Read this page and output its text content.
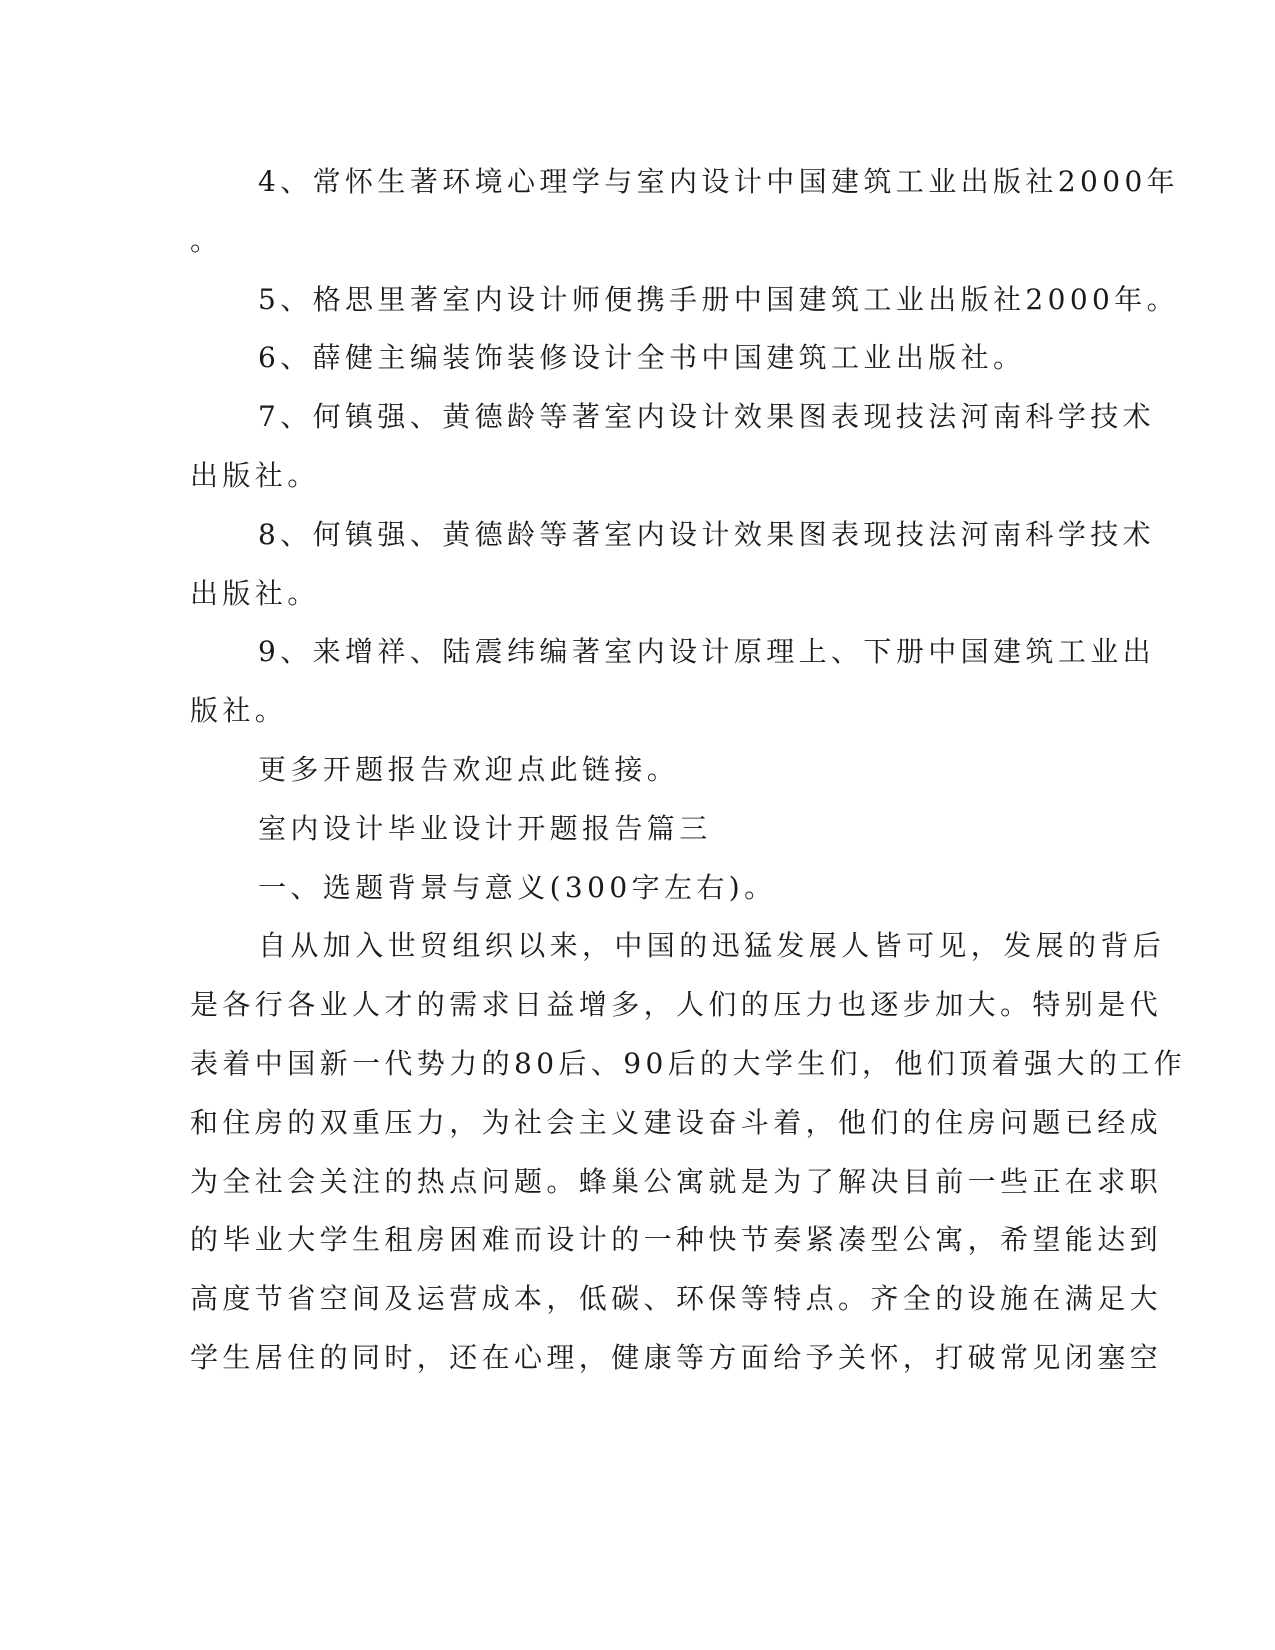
4、常怀生著环境心理学与室内设计中国建筑工业出版社2000年
。
5、格思里著室内设计师便携手册中国建筑工业出版社2000年。
6、薛健主编装饰装修设计全书中国建筑工业出版社。
7、何镇强、黄德龄等著室内设计效果图表现技法河南科学技术
出版社。
8、何镇强、黄德龄等著室内设计效果图表现技法河南科学技术
出版社。
9、来增祥、陆震纬编著室内设计原理上、下册中国建筑工业出
版社。
更多开题报告欢迎点此链接。
室内设计毕业设计开题报告篇三
一、选题背景与意义(300字左右)。
自从加入世贸组织以来，中国的迅猛发展人皆可见，发展的背后
是各行各业人才的需求日益增多，人们的压力也逐步加大。特别是代
表着中国新一代势力的80后、90后的大学生们，他们顶着强大的工作
和住房的双重压力，为社会主义建设奋斗着，他们的住房问题已经成
为全社会关注的热点问题。蜂巢公寓就是为了解决目前一些正在求职
的毕业大学生租房困难而设计的一种快节奏紧凑型公寓，希望能达到
高度节省空间及运营成本，低碳、环保等特点。齐全的设施在满足大
学生居住的同时，还在心理，健康等方面给予关怀，打破常见闭塞空
